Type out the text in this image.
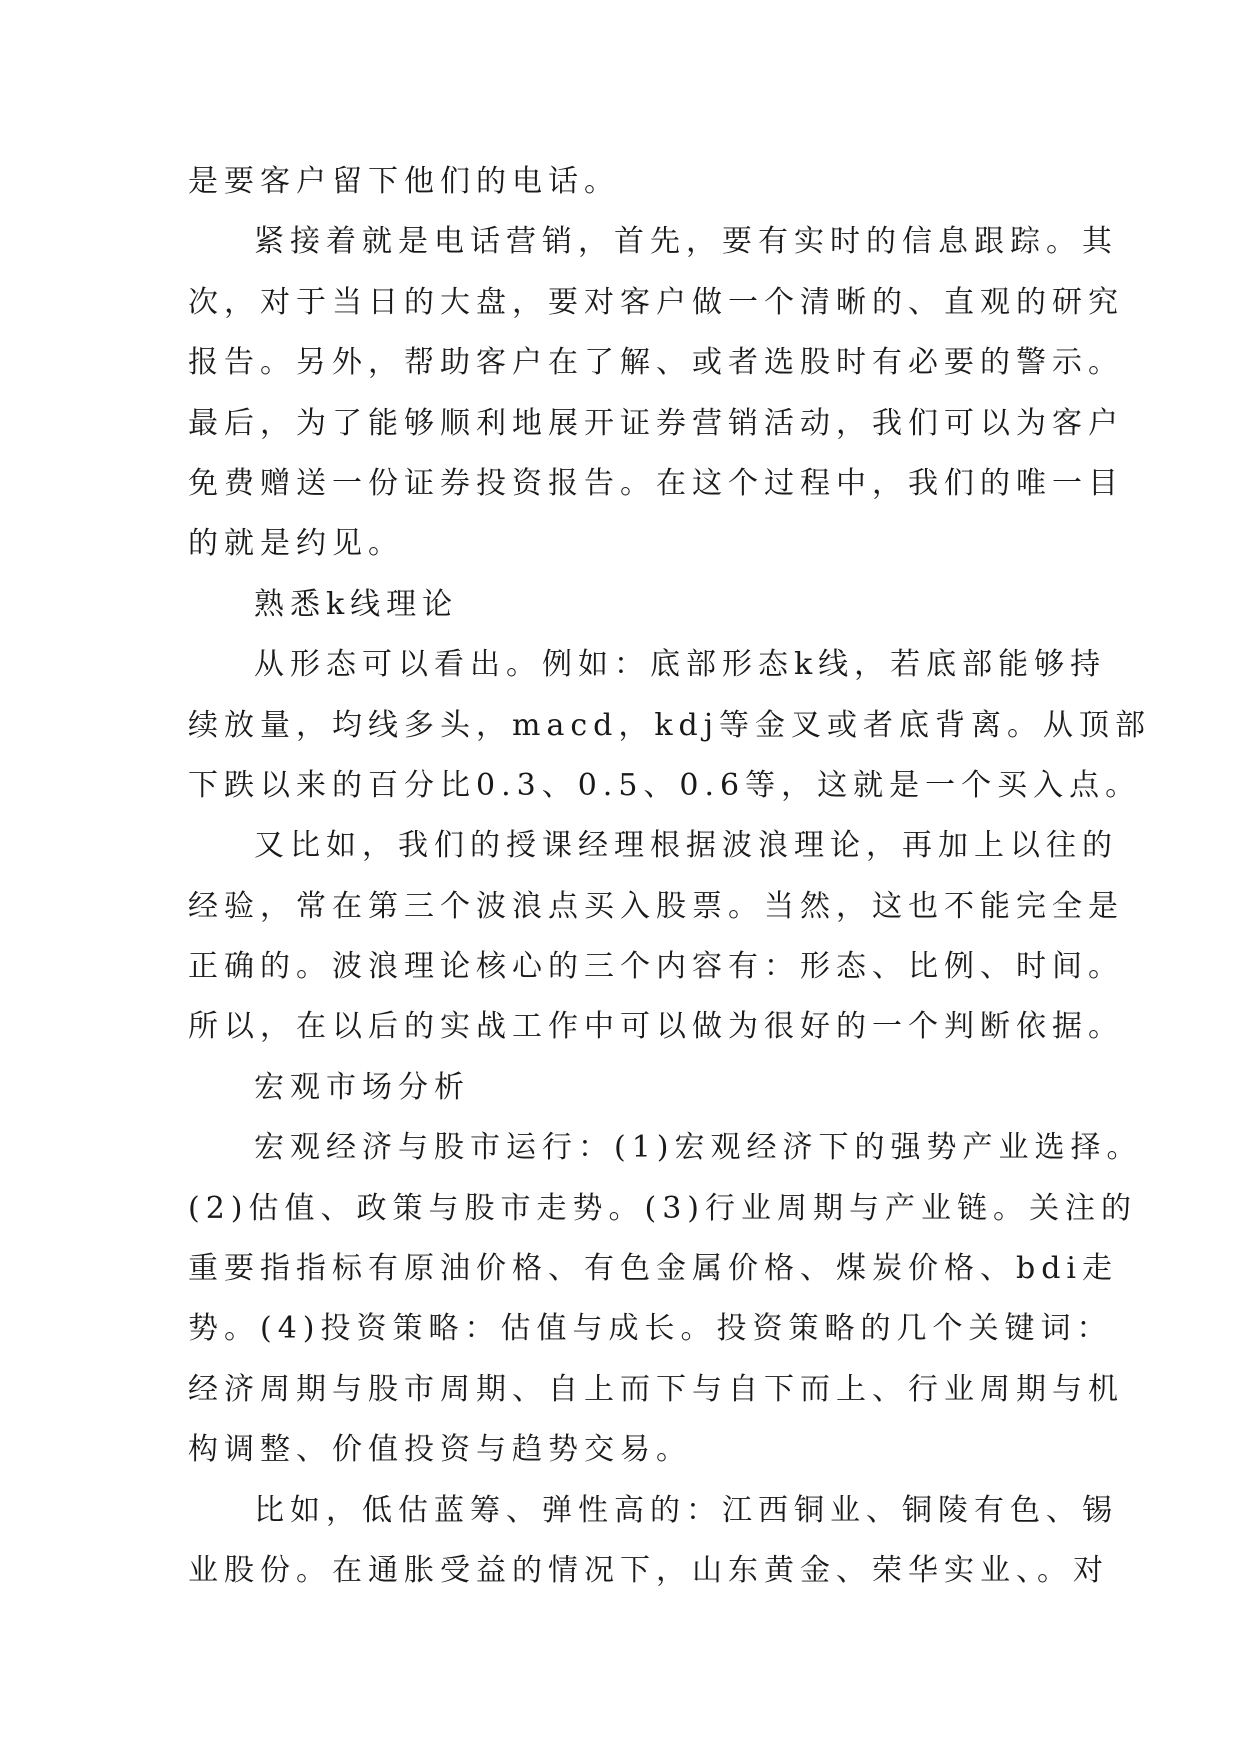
是要客户留下他们的电话。
紧接着就是电话营销，首先，要有实时的信息跟踪。其
次，对于当日的大盘，要对客户做一个清晰的、直观的研究
报告。另外，帮助客户在了解、或者选股时有必要的警示。
最后，为了能够顺利地展开证券营销活动，我们可以为客户
免费赠送一份证券投资报告。在这个过程中，我们的唯一目
的就是约见。
熟悉k线理论
从形态可以看出。例如：底部形态k线，若底部能够持
续放量，均线多头，macd，kdj等金叉或者底背离。从顶部
下跌以来的百分比0.3、0.5、0.6等，这就是一个买入点。
又比如，我们的授课经理根据波浪理论，再加上以往的
经验，常在第三个波浪点买入股票。当然，这也不能完全是
正确的。波浪理论核心的三个内容有：形态、比例、时间。
所以，在以后的实战工作中可以做为很好的一个判断依据。
宏观市场分析
宏观经济与股市运行：(1)宏观经济下的强势产业选择。
(2)估值、政策与股市走势。(3)行业周期与产业链。关注的
重要指指标有原油价格、有色金属价格、煤炭价格、bdi走
势。(4)投资策略：估值与成长。投资策略的几个关键词：
经济周期与股市周期、自上而下与自下而上、行业周期与机
构调整、价值投资与趋势交易。
比如，低估蓝筹、弹性高的：江西铜业、铜陵有色、锡
业股份。在通胀受益的情况下，山东黄金、荣华实业、。对
